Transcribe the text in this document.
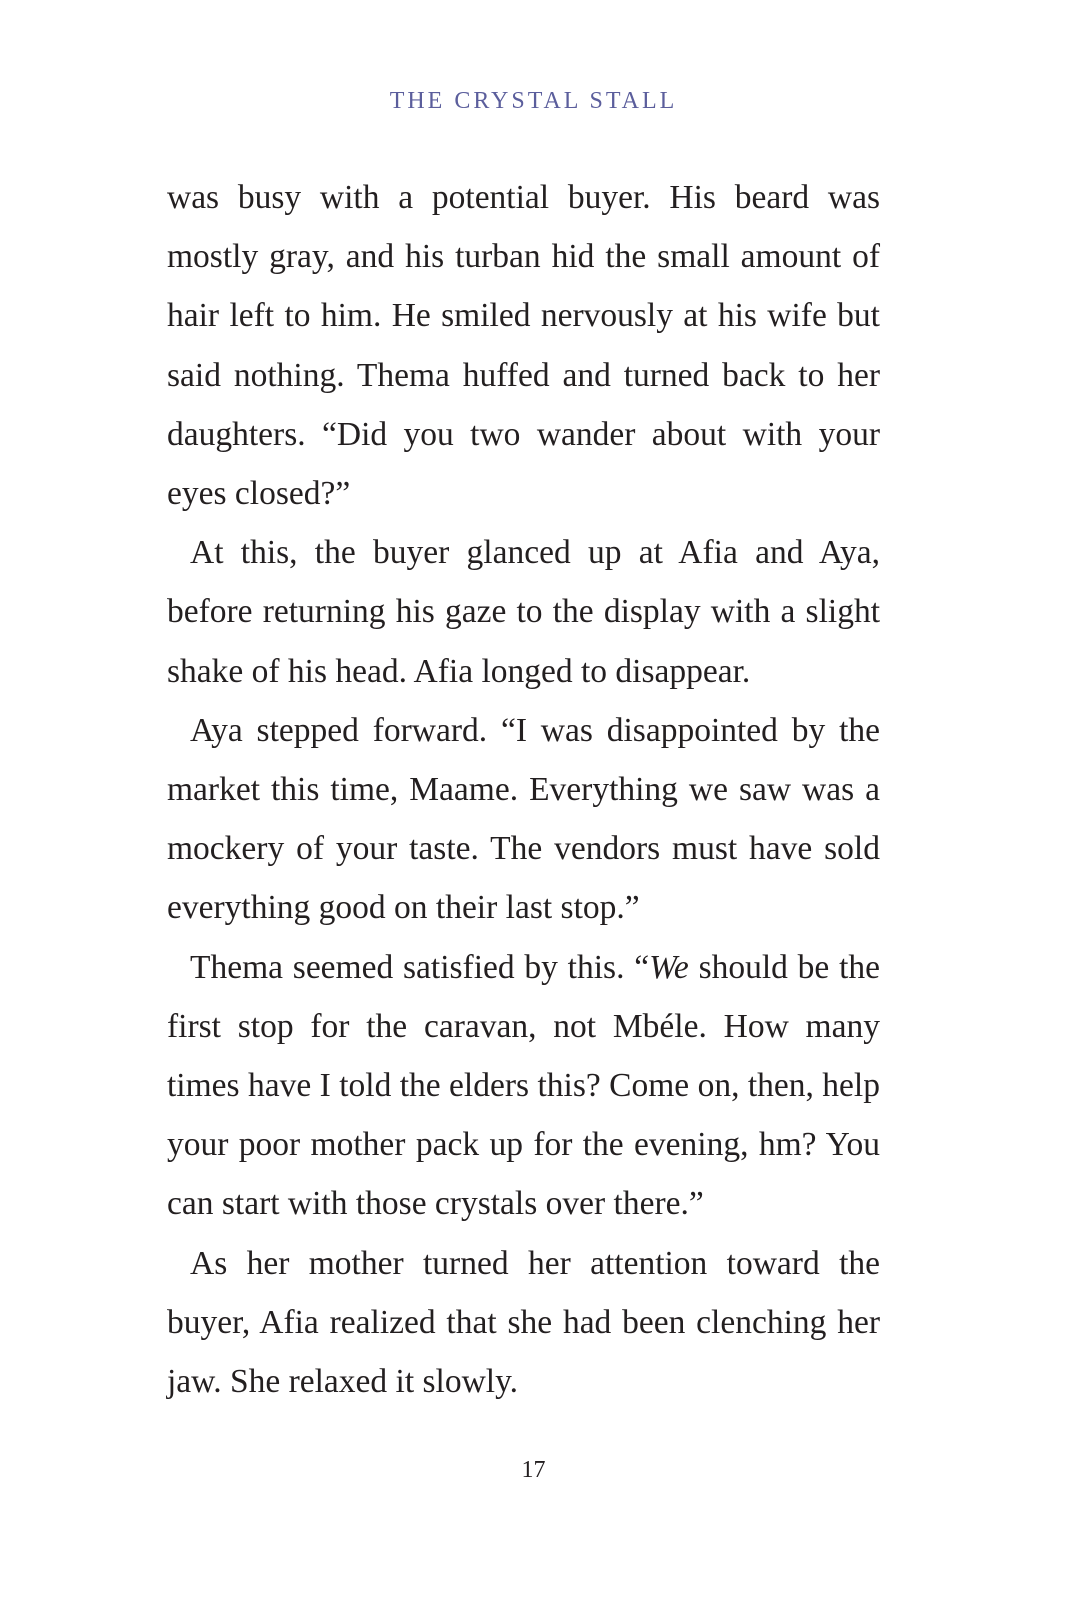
THE CRYSTAL STALL

was busy with a potential buyer. His beard was mostly gray, and his turban hid the small amount of hair left to him. He smiled nervously at his wife but said nothing. Thema huffed and turned back to her daughters. “Did you two wander about with your eyes closed?”

At this, the buyer glanced up at Afia and Aya, before returning his gaze to the display with a slight shake of his head. Afia longed to disappear.

Aya stepped forward. “I was disappointed by the market this time, Maame. Everything we saw was a mockery of your taste. The vendors must have sold everything good on their last stop.”

Thema seemed satisfied by this. “We should be the first stop for the caravan, not Mbéle. How many times have I told the elders this? Come on, then, help your poor mother pack up for the evening, hm? You can start with those crystals over there.”

As her mother turned her attention toward the buyer, Afia realized that she had been clenching her jaw. She relaxed it slowly.

17
